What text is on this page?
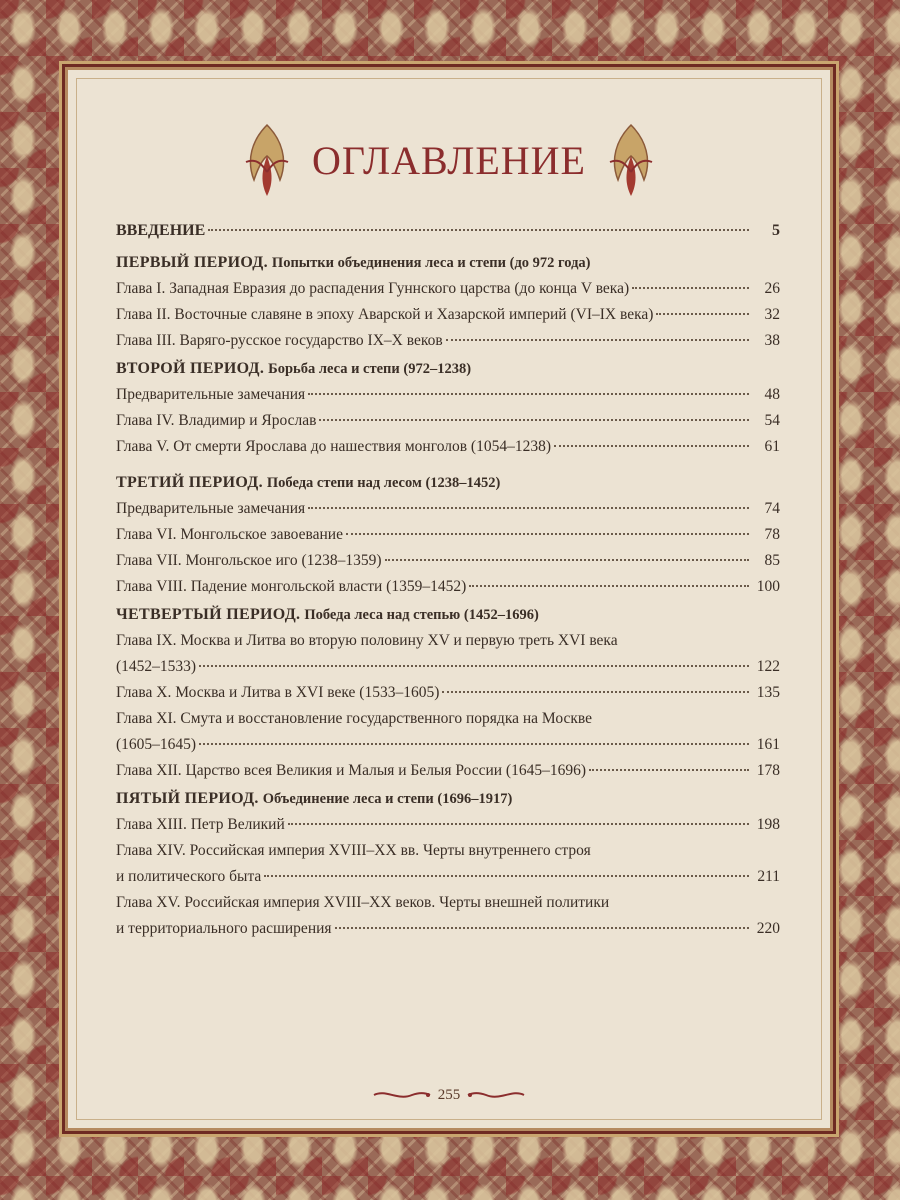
ОГЛАВЛЕНИЕ
ВВЕДЕНИЕ	5
ПЕРВЫЙ ПЕРИОД. Попытки объединения леса и степи (до 972 года)
Глава I. Западная Евразия до распадения Гуннского царства (до конца V века)	26
Глава II. Восточные славяне в эпоху Аварской и Хазарской империй (VI–IX века)	32
Глава III. Варяго-русское государство IX–X веков	38
ВТОРОЙ ПЕРИОД. Борьба леса и степи (972–1238)
Предварительные замечания	48
Глава IV. Владимир и Ярослав	54
Глава V. От смерти Ярослава до нашествия монголов (1054–1238)	61
ТРЕТИЙ ПЕРИОД. Победа степи над лесом (1238–1452)
Предварительные замечания	74
Глава VI. Монгольское завоевание	78
Глава VII. Монгольское иго (1238–1359)	85
Глава VIII. Падение монгольской власти (1359–1452)	100
ЧЕТВЕРТЫЙ ПЕРИОД. Победа леса над степью (1452–1696)
Глава IX. Москва и Литва во вторую половину XV и первую треть XVI века
(1452–1533)	122
Глава X. Москва и Литва в XVI веке (1533–1605)	135
Глава XI. Смута и восстановление государственного порядка на Москве
(1605–1645)	161
Глава XII. Царство всея Великия и Малыя и Белыя России (1645–1696)	178
ПЯТЫЙ ПЕРИОД. Объединение леса и степи (1696–1917)
Глава XIII. Петр Великий	198
Глава XIV. Российская империя XVIII–XX вв. Черты внутреннего строя
и политического быта	211
Глава XV. Российская империя XVIII–XX веков. Черты внешней политики
и территориального расширения	220
255
